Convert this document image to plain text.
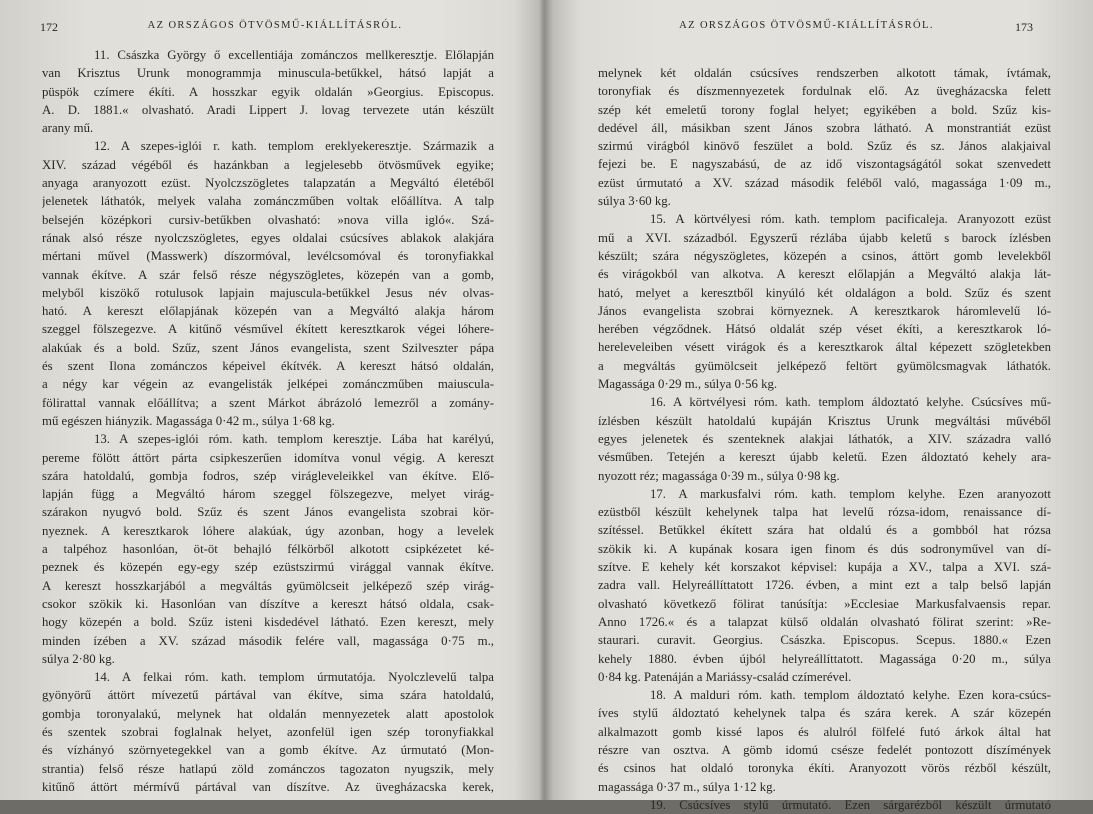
172	AZ ORSZÁGOS ÖTVÖSMŰ-KIÁLLÍTÁSRÓL.
11. Császka György ő excellentiája zománczos mellkeresztje. Előlapján
van Krisztus Urunk monogrammja minuscula-betűkkel, hátsó lapját a
püspök czímere ékíti. A hosszkar egyik oldalán »Georgius. Episcopus.
A. D. 1881.« olvasható. Aradi Lippert J. lovag tervezete után készült
arany mű.
12. A szepes-iglói r. kath. templom ereklyekeresztje. Származik a
XIV. század végéből és hazánkban a legjelesebb ötvösművek egyike;
anyaga aranyozott ezüst. Nyolczszögletes talapzatán a Megváltó életéből
jelenetek láthatók, melyek valaha zománczműben voltak előállítva. A talp
belsején középkori cursiv-betűkben olvasható: »nova villa igló«. Szá-
rának alsó része nyolczszögletes, egyes oldalai csúcsíves ablakok alakjára
mértani művel (Masswerk) díszormóval, levélcsomóval és toronyfiakkal
vannak ékítve. A szár felső része négyszögletes, közepén van a gomb,
melyből kiszökő rotulusok lapjain majuscula-betűkkel Jesus név olvas-
ható. A kereszt előlapjának közepén van a Megváltó alakja három
szeggel fölszegezve. A kitűnő vésművel ékített keresztkarok végei lóhere-
alakúak és a bold. Szűz, szent János evangelista, szent Szilveszter pápa
és szent Ilona zománczos képeivel ékítvék. A kereszt hátsó oldalán,
a négy kar végein az evangelisták jelképei zománczműben maiuscula-
fölirattal vannak előállítva; a szent Márkot ábrázoló lemezről a zomány-
mű egészen hiányzik. Magassága 0·42 m., súlya 1·68 kg.
13. A szepes-iglói róm. kath. templom keresztje. Lába hat karélyú,
pereme fölött áttört párta csipkeszerűen idomítva vonul végig. A kereszt
szára hatoldalú, gombja fodros, szép virágleveleikkel van ékítve. Elő-
lapján függ a Megváltó három szeggel fölszegezve, melyet virág-
szárakon nyugvó bold. Szűz és szent János evangelista szobrai kör-
nyeznek. A keresztkarok lóhere alakúak, úgy azonban, hogy a levelek
a talpéhoz hasonlóan, öt-öt behajló félkörből alkotott csipkézetet ké-
peznek és közepén egy-egy szép ezüstszirmú virággal vannak ékítve.
A kereszt hosszkarjából a megváltás gyümölcseit jelképező szép virág-
csokor szökik ki. Hasonlóan van díszítve a kereszt hátsó oldala, csak-
hogy közepén a bold. Szűz isteni kisdedével látható. Ezen kereszt, mely
minden ízében a XV. század második felére vall, magassága 0·75 m.,
súlya 2·80 kg.
14. A felkai róm. kath. templom úrmutatója. Nyolczlevelű talpa
gyönyörű áttört mívezetű pártával van ékítve, sima szára hatoldalú,
gombja toronyalakú, melynek hat oldalán mennyezetek alatt apostolok
és szentek szobrai foglalnak helyet, azonfelül igen szép toronyfiakkal
és vízhányó szörnyetegekkel van a gomb ékítve. Az úrmutató (Mon-
strantia) felső része hatlapú zöld zománczos tagozaton nyugszik, mely
kitűnő áttört mérmívű pártával van díszítve. Az üvegházacska kerek,
AZ ORSZÁGOS ÖTVÖSMŰ-KIÁLLÍTÁSRÓL.	173
melynek két oldalán csúcsíves rendszerben alkotott támak, ívtámak,
toronyfiak és díszmennyezetek fordulnak elő. Az üvegházacska felett
szép két emeletű torony foglal helyet; egyikében a bold. Szűz kis-
dedével áll, másikban szent János szobra látható. A monstrantiát ezüst
szirmú virágból kinövő feszület a bold. Szűz és sz. János alakjaival
fejezi be. E nagyszabású, de az idő viszontagságától sokat szenvedett
ezüst úrmutató a XV. század második feléből való, magassága 1·09 m.,
súlya 3·60 kg.
15. A körtvélyesi róm. kath. templom pacificaleja. Aranyozott ezüst
mű a XVI. századból. Egyszerű rézlába újabb keletű s barock ízlésben
készült; szára négyszögletes, közepén a csinos, áttört gomb levelekből
és virágokból van alkotva. A kereszt előlapján a Megváltó alakja lát-
ható, melyet a keresztből kinyúló két oldalágon a bold. Szűz és szent
János evangelista szobrai környeznek. A keresztkarok háromlevelű ló-
herében végződnek. Hátsó oldalát szép véset ékíti, a keresztkarok ló-
hereleveleiben vésett virágok és a keresztkarok által képezett szögletekben
a megváltás gyümölcseit jelképező feltört gyümölcsmagvak láthatók.
Magassága 0·29 m., súlya 0·56 kg.
16. A körtvélyesi róm. kath. templom áldoztató kelyhe. Csúcsíves mű-
ízlésben készült hatoldalú kupáján Krisztus Urunk megváltási művéből
egyes jelenetek és szenteknek alakjai láthatók, a XIV. századra valló
vésműben. Tetején a kereszt újabb keletű. Ezen áldoztató kehely ara-
nyozott réz; magassága 0·39 m., súlya 0·98 kg.
17. A markusfalvi róm. kath. templom kelyhe. Ezen aranyozott
ezüstből készült kehelynek talpa hat levelű rózsa-idom, renaissance dí-
szítéssel. Betűkkel ékített szára hat oldalú és a gombból hat rózsa
szökik ki. A kupának kosara igen finom és dús sodronyművel van dí-
szítve. E kehely két korszakot képvisel: kupája a XV., talpa a XVI. szá-
zadra vall. Helyreállíttatott 1726. évben, a mint ezt a talp belső lapján
olvasható következő fölirat tanúsítja: »Ecclesiae Markusfalvaensis repar.
Anno 1726.« és a talapzat külső oldalán olvasható fölirat szerint: »Re-
staurari. curavit. Georgius. Császka. Episcopus. Scepus. 1880.« Ezen
kehely 1880. évben újból helyreállíttatott. Magassága 0·20 m., súlya
0·84 kg. Patenáján a Mariássy-család czímerével.
18. A malduri róm. kath. templom áldoztató kelyhe. Ezen kora-csúcs-
íves stylű áldoztató kehelynek talpa és szára kerek. A szár közepén
alkalmazott gomb kissé lapos és alulról fölfelé futó árkok által hat
részre van osztva. A gömb idomú csésze fedelét pontozott díszímények
és csinos hat oldaló toronyka ékíti. Aranyozott vörös rézből készült,
magassága 0·37 m., súlya 1·12 kg.
19. Csúcsíves stylű úrmutató. Ezen sárgarézből készült úrmutató
